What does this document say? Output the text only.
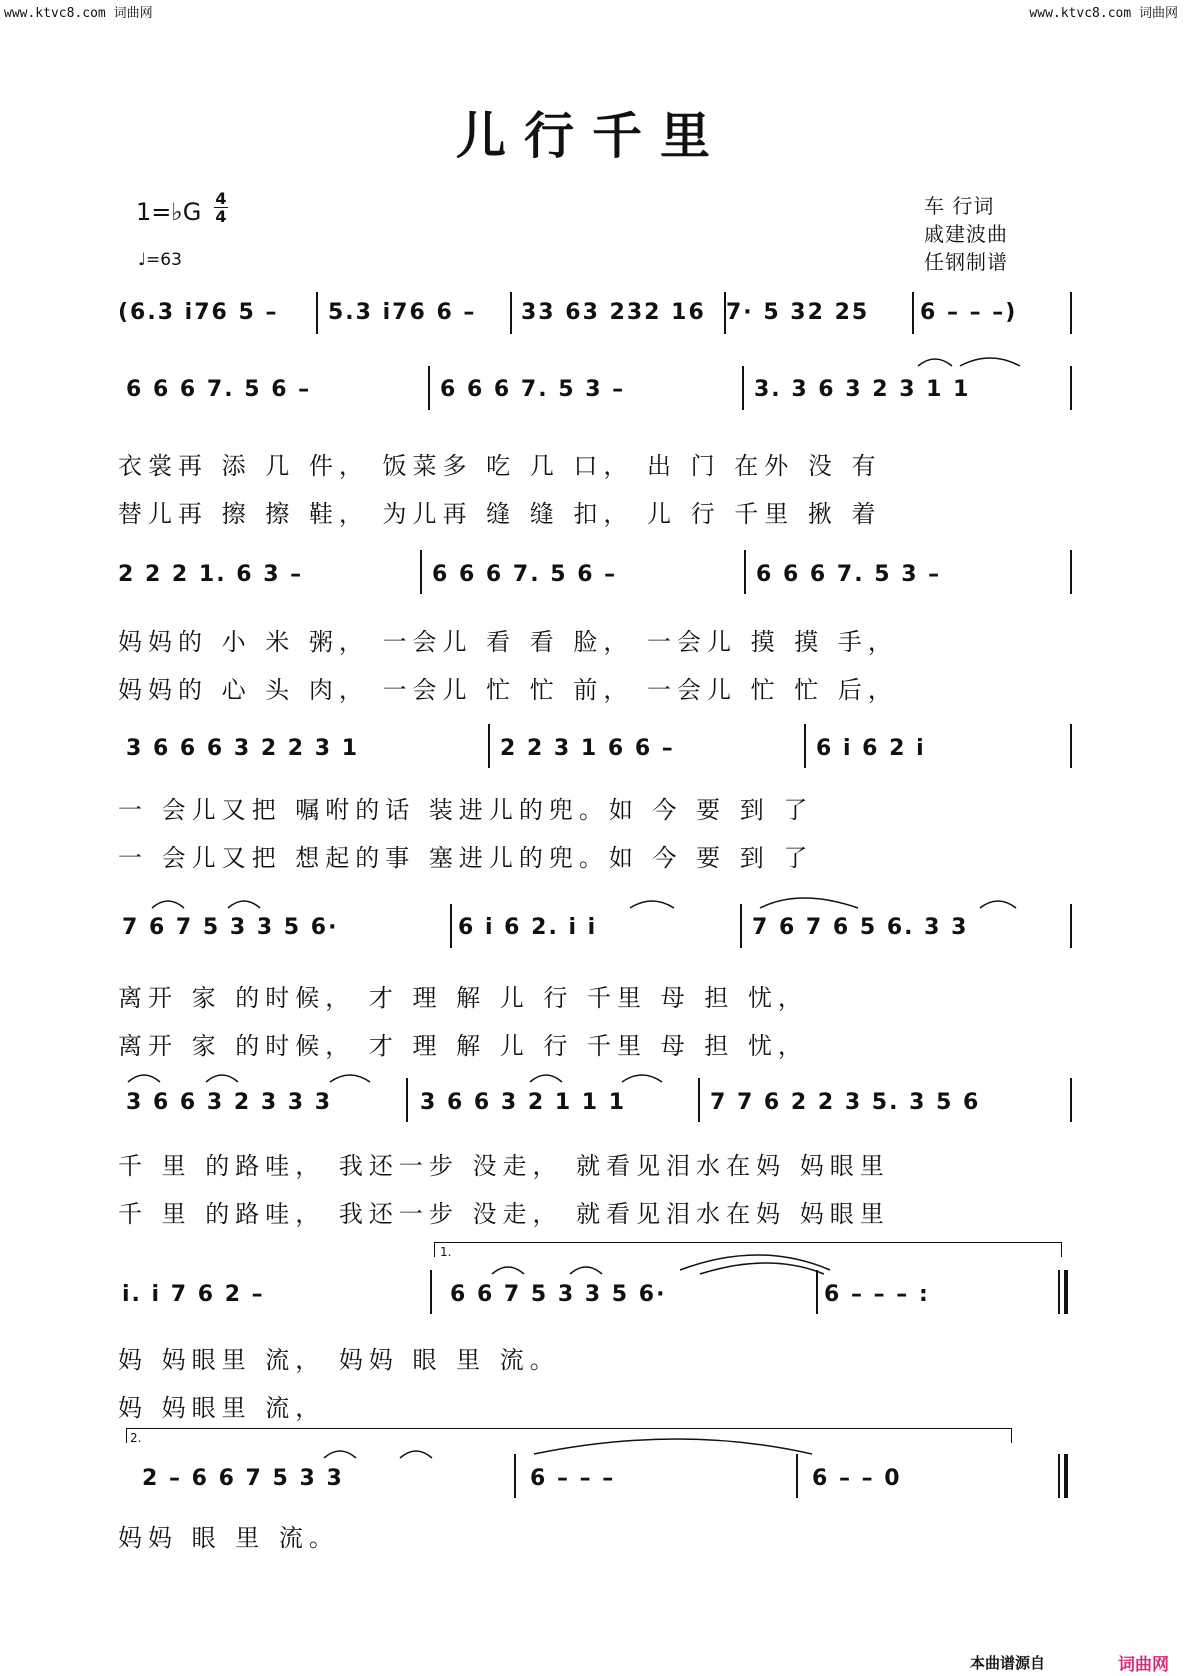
www.ktvc8.com 词曲网	www.ktvc8.com 词曲网
儿行千里
1=♭G 4
4
♩=63
车 行词
戚建波曲
任钢制谱
(6.3 i76 5 – 5.3 i76 6 – 33 63 232 16 7· 5 32 25 6 – – –)
6 6 6 7. 5 6 –	6 6 6 7. 5 3 –	3. 3 6 3 2 3 1 1
衣裳再 添 几 件， 饭菜多 吃 几 口， 出 门 在外 没 有
替儿再 擦 擦 鞋， 为儿再 缝 缝 扣， 儿 行 千里 揪 着
2 2 2 1. 6 3 –	6 6 6 7. 5 6 –	6 6 6 7. 5 3 –
妈妈的 小 米 粥， 一会儿 看 看 脸， 一会儿 摸 摸 手，
妈妈的 心 头 肉， 一会儿 忙 忙 前， 一会儿 忙 忙 后，
3 6 6 6 3 2 2 3 1	2 2 3 1 6 6 –	6 i 6 2 i
一 会儿又把 嘱咐的话 装进儿的兜。如 今 要 到 了
一 会儿又把 想起的事 塞进儿的兜。如 今 要 到 了
7 6 7 5 3 3 5 6·	6 i 6 2. i i	7 6 7 6 5 6. 3 3
离开 家 的时候， 才 理 解 儿 行 千里 母 担 忧，
离开 家 的时候， 才 理 解 儿 行 千里 母 担 忧，
3 6 6 3 2 3 3 3	3 6 6 3 2 1 1 1	7 7 6 2 2 3 5. 3 5 6
千 里 的路哇， 我还一步 没走， 就看见泪水在妈 妈眼里
千 里 的路哇， 我还一步 没走， 就看见泪水在妈 妈眼里
1.
i. i 7 6 2 –	6 6 7 5 3 3 5 6·	6 – – – :
妈 妈眼里 流， 妈妈 眼 里 流。
妈 妈眼里 流，
2.
2 – 6 6 7 5 3 3	6 – – –	6 – – 0
妈妈 眼 里 流。
本曲谱源自	词曲网
